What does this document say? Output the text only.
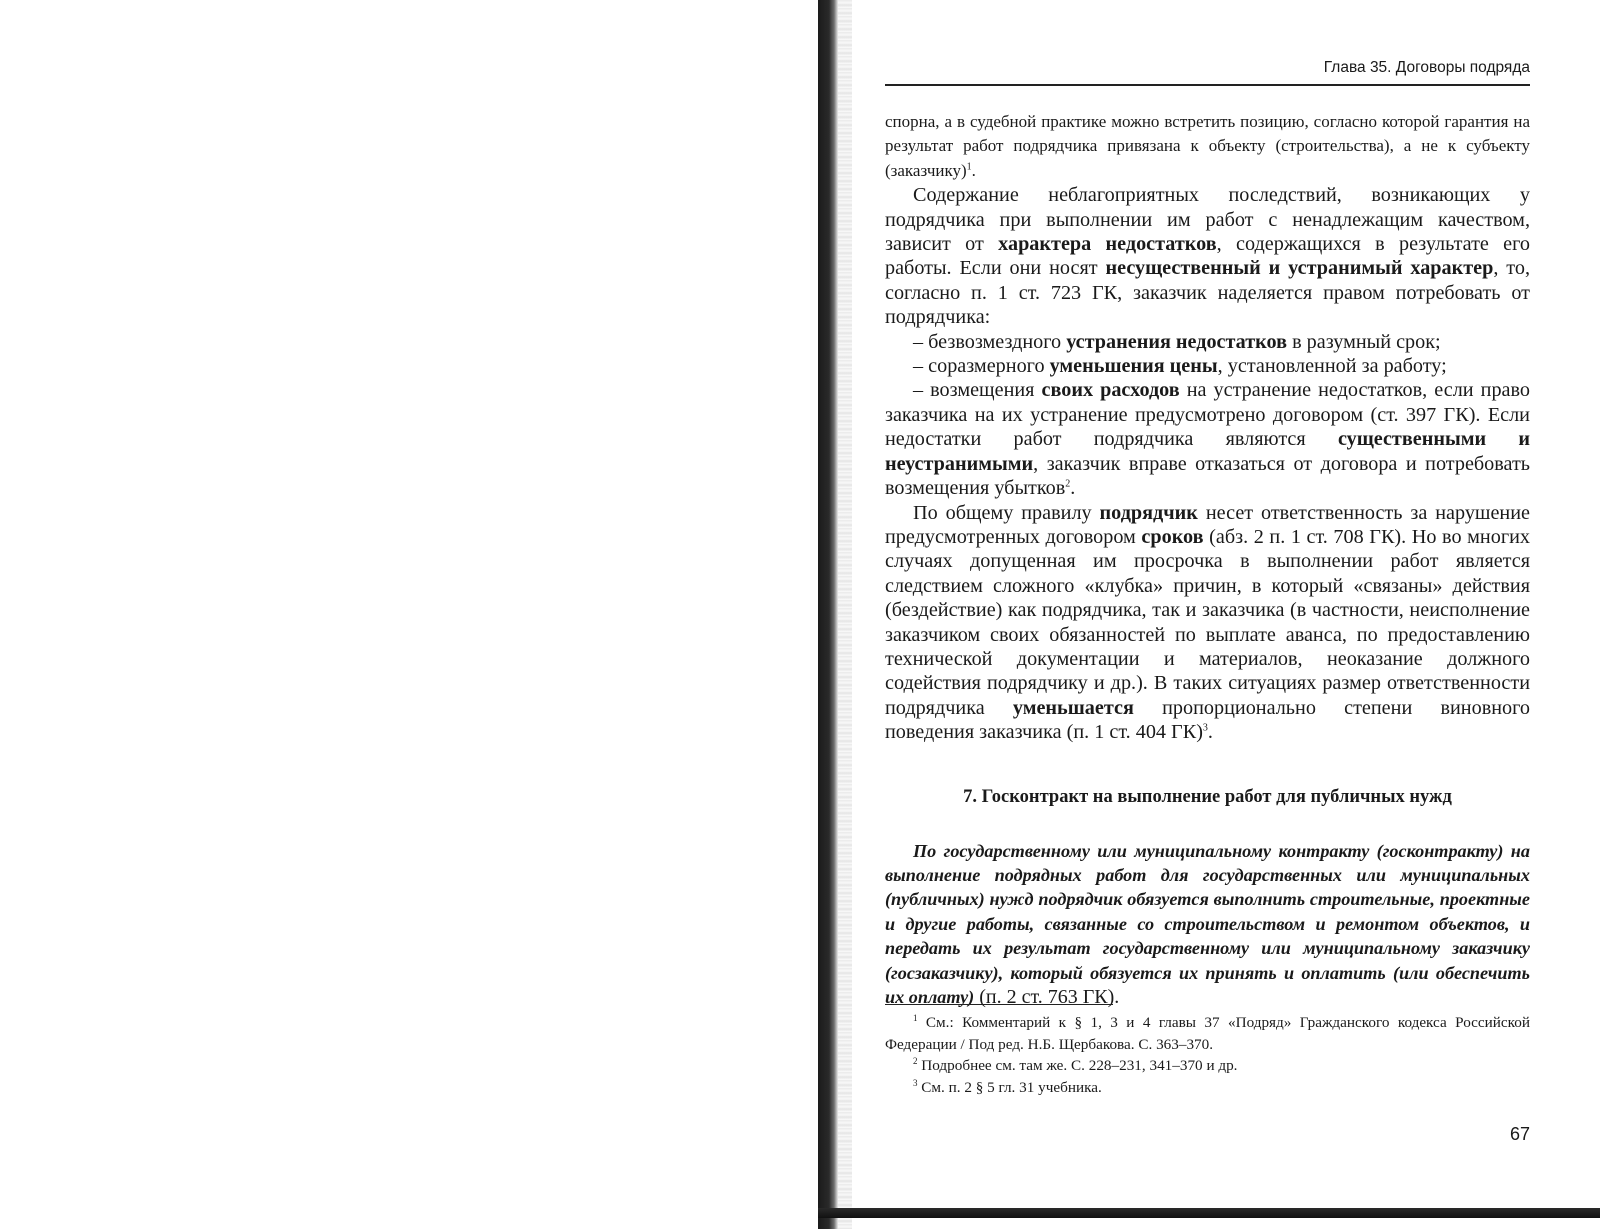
Глава 35. Договоры подряда

спорна, а в судебной практике можно встретить позицию, согласно которой гарантия на результат работ подрядчика привязана к объекту (строительства), а не к субъекту (заказчику)$^1$.

Содержание неблагоприятных последствий, возникающих у подрядчика при выполнении им работ с ненадлежащим качеством, зависит от характера недостатков, содержащихся в результате его работы. Если они носят несущественный и устранимый характер, то, согласно п. 1 ст. 723 ГК, заказчик наделяется правом потребовать от подрядчика:

– безвозмездного устранения недостатков в разумный срок;

– соразмерного уменьшения цены, установленной за работу;

– возмещения своих расходов на устранение недостатков, если право заказчика на их устранение предусмотрено договором (ст. 397 ГК). Если недостатки работ подрядчика являются существенными и неустранимыми, заказчик вправе отказаться от договора и потребовать возмещения убытков$^2$.

По общему правилу подрядчик несет ответственность за нарушение предусмотренных договором сроков (абз. 2 п. 1 ст. 708 ГК). Но во многих случаях допущенная им просрочка в выполнении работ является следствием сложного «клубка» причин, в который «связаны» действия (бездействие) как подрядчика, так и заказчика (в частности, неисполнение заказчиком своих обязанностей по выплате аванса, по предоставлению технической документации и материалов, неоказание должного содействия подрядчику и др.). В таких ситуациях размер ответственности подрядчика уменьшается пропорционально степени виновного поведения заказчика (п. 1 ст. 404 ГК)$^3$.

7. Госконтракт на выполнение работ для публичных нужд

По государственному или муниципальному контракту (госконтракту) на выполнение подрядных работ для государственных или муниципальных (публичных) нужд подрядчик обязуется выполнить строительные, проектные и другие работы, связанные со строительством и ремонтом объектов, и передать их результат государственному или муниципальному заказчику (госзаказчику), который обязуется их принять и оплатить (или обеспечить их оплату) (п. 2 ст. 763 ГК).

$^1$ См.: Комментарий к § 1, 3 и 4 главы 37 «Подряд» Гражданского кодекса Российской Федерации / Под ред. Н.Б. Щербакова. С. 363–370.

$^2$ Подробнее см. там же. С. 228–231, 341–370 и др.

$^3$ См. п. 2 § 5 гл. 31 учебника.

67
